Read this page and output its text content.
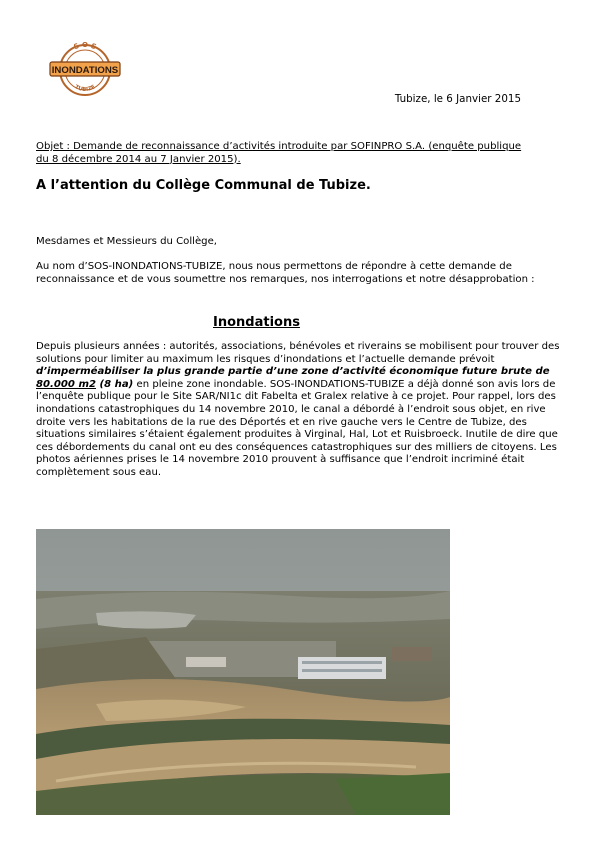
S O S
TUBIZE
INONDATIONS
Tubize, le 6 Janvier 2015
Objet : Demande de reconnaissance d’activités introduite par SOFINPRO S.A. (enquête publique du 8 décembre 2014 au 7 Janvier 2015).
A l’attention du Collège Communal de Tubize.
Mesdames et Messieurs du Collège,
Au nom d’SOS-INONDATIONS-TUBIZE, nous nous permettons de répondre à cette demande de reconnaissance et de vous soumettre nos remarques, nos interrogations et notre désapprobation :
Inondations
Depuis plusieurs années : autorités, associations, bénévoles et riverains se mobilisent pour trouver des solutions pour limiter au maximum les risques d’inondations et l’actuelle demande prévoit d’imperméabiliser la plus grande partie d’une zone d’activité économique future brute de 80.000 m2 (8 ha) en pleine zone inondable. SOS-INONDATIONS-TUBIZE a déjà donné son avis lors de l’enquête publique pour le Site SAR/NI1c dit Fabelta et Gralex relative à ce projet. Pour rappel, lors des inondations catastrophiques du 14 novembre 2010, le canal a débordé à l’endroit sous objet, en rive droite vers les habitations de la rue des Déportés et en rive gauche vers le Centre de Tubize, des situations similaires s’étaient également produites à Virginal, Hal, Lot et Ruisbroeck. Inutile de dire que ces débordements du canal ont eu des conséquences catastrophiques sur des milliers de citoyens. Les photos aériennes prises le 14 novembre 2010 prouvent à suffisance que l’endroit incriminé était complètement sous eau.
